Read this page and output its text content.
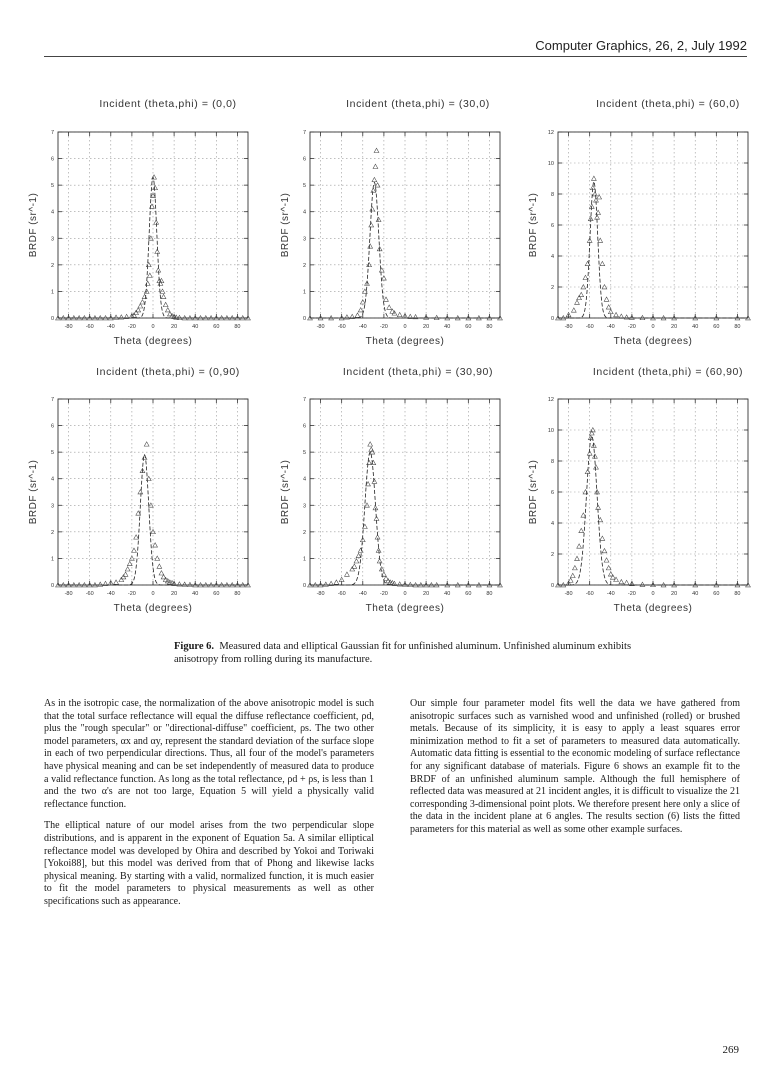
Computer Graphics, 26, 2, July 1992
Incident (theta,phi) = (0,0)	Incident (theta,phi) = (30,0)	Incident (theta,phi) = (60,0)
Incident (theta,phi) = (0,90)	Incident (theta,phi) = (30,90)	Incident (theta,phi) = (60,90)
-80 -60 -40 -20	0	20	40	60	80
0
1
2
3
4
5
6
7
Theta (degrees)
BRDF (sr^-1)
-80 -60 -40 -20	0	20	40	60	80
0
1
2
3
4
5
6
7
Theta (degrees)
BRDF (sr^-1)
-80 -60 -40 -20	0	20	40	60	80
0
2
4
6
8
10
12
Theta (degrees)
BRDF (sr^-1)
-80 -60 -40 -20	0	20	40	60	80
0
1
2
3
4
5
6
7
Theta (degrees)
BRDF (sr^-1)
-80 -60 -40 -20	0	20	40	60	80
0
1
2
3
4
5
6
7
Theta (degrees)
BRDF (sr^-1)
-80 -60 -40 -20	0	20	40	60	80
0
2
4
6
8
10
12
Theta (degrees)
BRDF (sr^-1)
Figure 6. Measured data and elliptical Gaussian fit for unfinished aluminum. Unfinished aluminum exhibits anisotropy from rolling during its manufacture.

As in the isotropic case, the normalization of the above anisotropic model is such that the total surface reflectance will equal the diffuse reflectance coefficient, ρd, plus the "rough specular" or "directional-diffuse" coefficient, ρs. The two other model parameters, αx and αy, represent the standard deviation of the surface slope in each of two perpendicular directions. Thus, all four of the model's parameters have physical meaning and can be set independently of measured data to produce a valid reflectance function. As long as the total reflectance, ρd + ρs, is less than 1 and the two α's are not too large, Equation 5 will yield a physically valid reflectance function.

The elliptical nature of our model arises from the two perpendicular slope distributions, and is apparent in the exponent of Equation 5a. A similar elliptical reflectance model was developed by Ohira and described by Yokoi and Toriwaki [Yokoi88], but this model was derived from that of Phong and likewise lacks physical meaning. By starting with a valid, normalized function, it is much easier to fit the model parameters to physical measurements as well as other specifications such as appearance.

Our simple four parameter model fits well the data we have gathered from anisotropic surfaces such as varnished wood and unfinished (rolled) or brushed metals. Because of its simplicity, it is easy to apply a least squares error minimization method to fit a set of parameters to measured data automatically. Automatic data fitting is essential to the economic modeling of surface reflectance for any significant database of materials. Figure 6 shows an example fit to the BRDF of an unfinished aluminum sample. Although the full hemisphere of reflected data was measured at 21 incident angles, it is difficult to visualize the 21 corresponding 3-dimensional point plots. We therefore present here only a slice of the data in the incident plane at 6 angles. The results section (6) lists the fitted parameters for this material as well as some other example surfaces.

269
